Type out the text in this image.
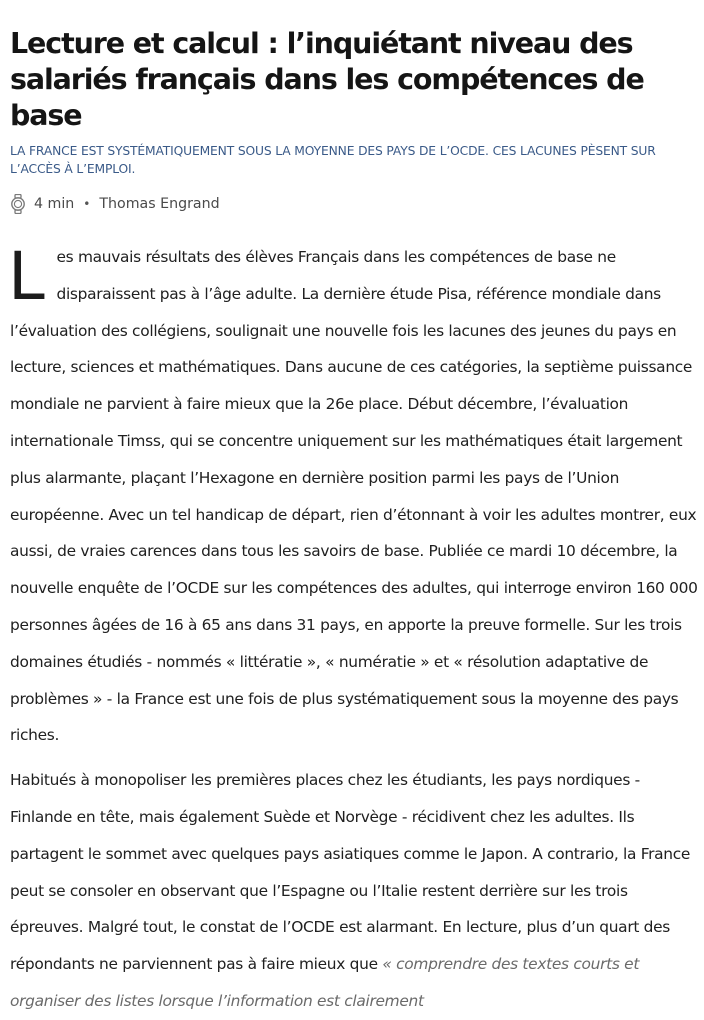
Lecture et calcul : l’inquiétant niveau des salariés français dans les compétences de base
LA FRANCE EST SYSTÉMATIQUEMENT SOUS LA MOYENNE DES PAYS DE L’OCDE. CES LACUNES PÈSENT SUR L’ACCÈS À L’EMPLOI.
4 min • Thomas Engrand

Les mauvais résultats des élèves Français dans les compétences de base ne disparaissent pas à l’âge adulte. La dernière étude Pisa, référence mondiale dans l’évaluation des collégiens, soulignait une nouvelle fois les lacunes des jeunes du pays en lecture, sciences et mathématiques. Dans aucune de ces catégories, la septième puissance mondiale ne parvient à faire mieux que la 26e place. Début décembre, l’évaluation internationale Timss, qui se concentre uniquement sur les mathématiques était largement plus alarmante, plaçant l’Hexagone en dernière position parmi les pays de l’Union européenne. Avec un tel handicap de départ, rien d’étonnant à voir les adultes montrer, eux aussi, de vraies carences dans tous les savoirs de base. Publiée ce mardi 10 décembre, la nouvelle enquête de l’OCDE sur les compétences des adultes, qui interroge environ 160 000 personnes âgées de 16 à 65 ans dans 31 pays, en apporte la preuve formelle. Sur les trois domaines étudiés - nommés « littératie », « numératie » et « résolution adaptative de problèmes » - la France est une fois de plus systématiquement sous la moyenne des pays riches.

Habitués à monopoliser les premières places chez les étudiants, les pays nordiques - Finlande en tête, mais également Suède et Norvège - récidivent chez les adultes. Ils partagent le sommet avec quelques pays asiatiques comme le Japon. A contrario, la France peut se consoler en observant que l’Espagne ou l’Italie restent derrière sur les trois épreuves. Malgré tout, le constat de l’OCDE est alarmant. En lecture, plus d’un quart des répondants ne parviennent pas à faire mieux que « comprendre des textes courts et organiser des listes lorsque l’information est clairement
